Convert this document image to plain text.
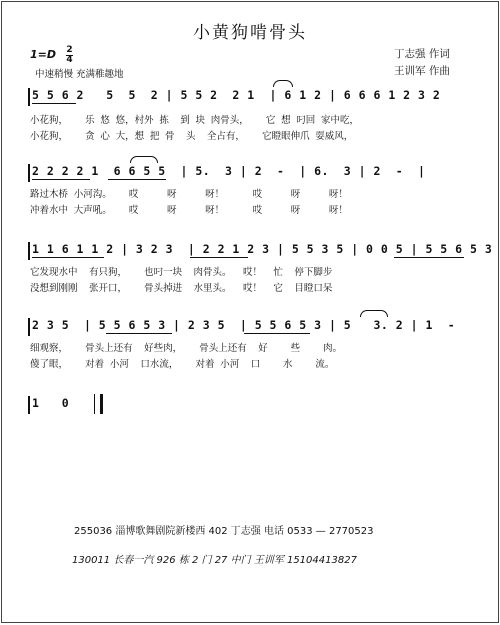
小黄狗啃骨头
1=D 2
4
中速稍慢 充满稚趣地
丁志强 作词
王训军 作曲
5 5 6 2   5  5  2 | 5 5 2  2 1  | 6 1 2 | 6 6 6 1 2 3 2
小花狗，   乐 悠 悠，村外 拣  到 块 肉骨头，   它 想 叼回 家中吃，
小花狗，   贪 心 大，想 把 骨  头  全占有，   它瞪眼伸爪 耍威风，
2 2 2 2 1  6 6 5 5  | 5.  3 | 2  -  | 6.  3 | 2  -  |
路过木桥 小河沟。   哎     呀     呀！     哎     呀     呀！
冲着水中 大声吼。   哎     呀     呀！     哎     呀     呀！
1 1 6 1 1 2 | 3 2 3  | 2 2 1 2 3 | 5 5 3 5 | 0 0 5 | 5 5 6 5 3
它发现水中  有只狗，   也叼一块  肉骨头。  哎！  忙  停下脚步
没想到刚刚  张开口，   骨头掉进  水里头。  哎！  它  目瞪口呆
2 3 5  | 5 5 6 5 3 | 2 3 5  | 5 5 6 5 3 | 5   3. 2 | 1  -
细观察，   骨头上还有  好些肉，   骨头上还有  好    些    肉。
傻了眼，   对着 小河  口水流，   对着 小河  口    水    流。
1   0
255036 淄博歌舞剧院新楼西 402 丁志强 电话 0533 — 2770523
130011 长春一汽 926 栋 2 门 27 中门 王训军 15104413827
